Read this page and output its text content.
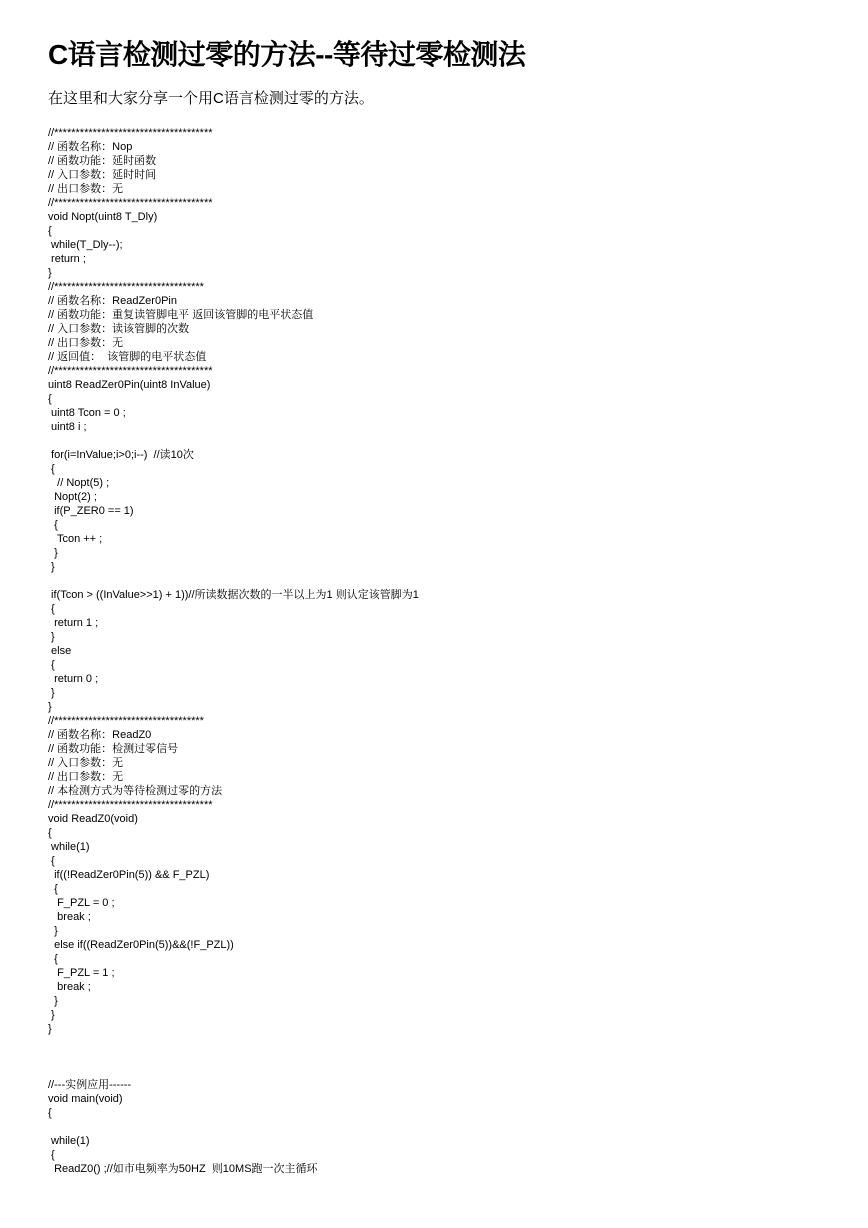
C语言检测过零的方法--等待过零检测法

在这里和大家分享一个用C语言检测过零的方法。

//*************************************
// 函数名称：Nop
// 函数功能：延时函数
// 入口参数：延时时间
// 出口参数：无
//*************************************
void Nopt(uint8 T_Dly)
{
while(T_Dly--);
return ;
}
//***********************************
// 函数名称：ReadZer0Pin
// 函数功能：重复读管脚电平 返回该管脚的电平状态值
// 入口参数：读该管脚的次数
// 出口参数：无
// 返回值：  该管脚的电平状态值
//*************************************
uint8 ReadZer0Pin(uint8 InValue)
{
uint8 Tcon = 0 ;
uint8 i ;
for(i=InValue;i>0;i--)  //读10次
{
// Nopt(5) ;
Nopt(2) ;
if(P_ZER0 == 1)
{
Tcon ++ ;
}
}
if(Tcon > ((InValue>>1) + 1))//所读数据次数的一半以上为1 则认定该管脚为1
{
return 1 ;
}
else
{
return 0 ;
}
}
//***********************************
// 函数名称：ReadZ0
// 函数功能：检测过零信号
// 入口参数：无
// 出口参数：无
// 本检测方式为等待检测过零的方法
//*************************************
void ReadZ0(void)
{
while(1)
{
if((!ReadZer0Pin(5)) && F_PZL)
{
F_PZL = 0 ;
break ;
}
else if((ReadZer0Pin(5))&&(!F_PZL))
{
F_PZL = 1 ;
break ;
}
}
}
//---实例应用------
void main(void)
{
while(1)
{
ReadZ0() ;//如市电频率为50HZ  则10MS跑一次主循环
